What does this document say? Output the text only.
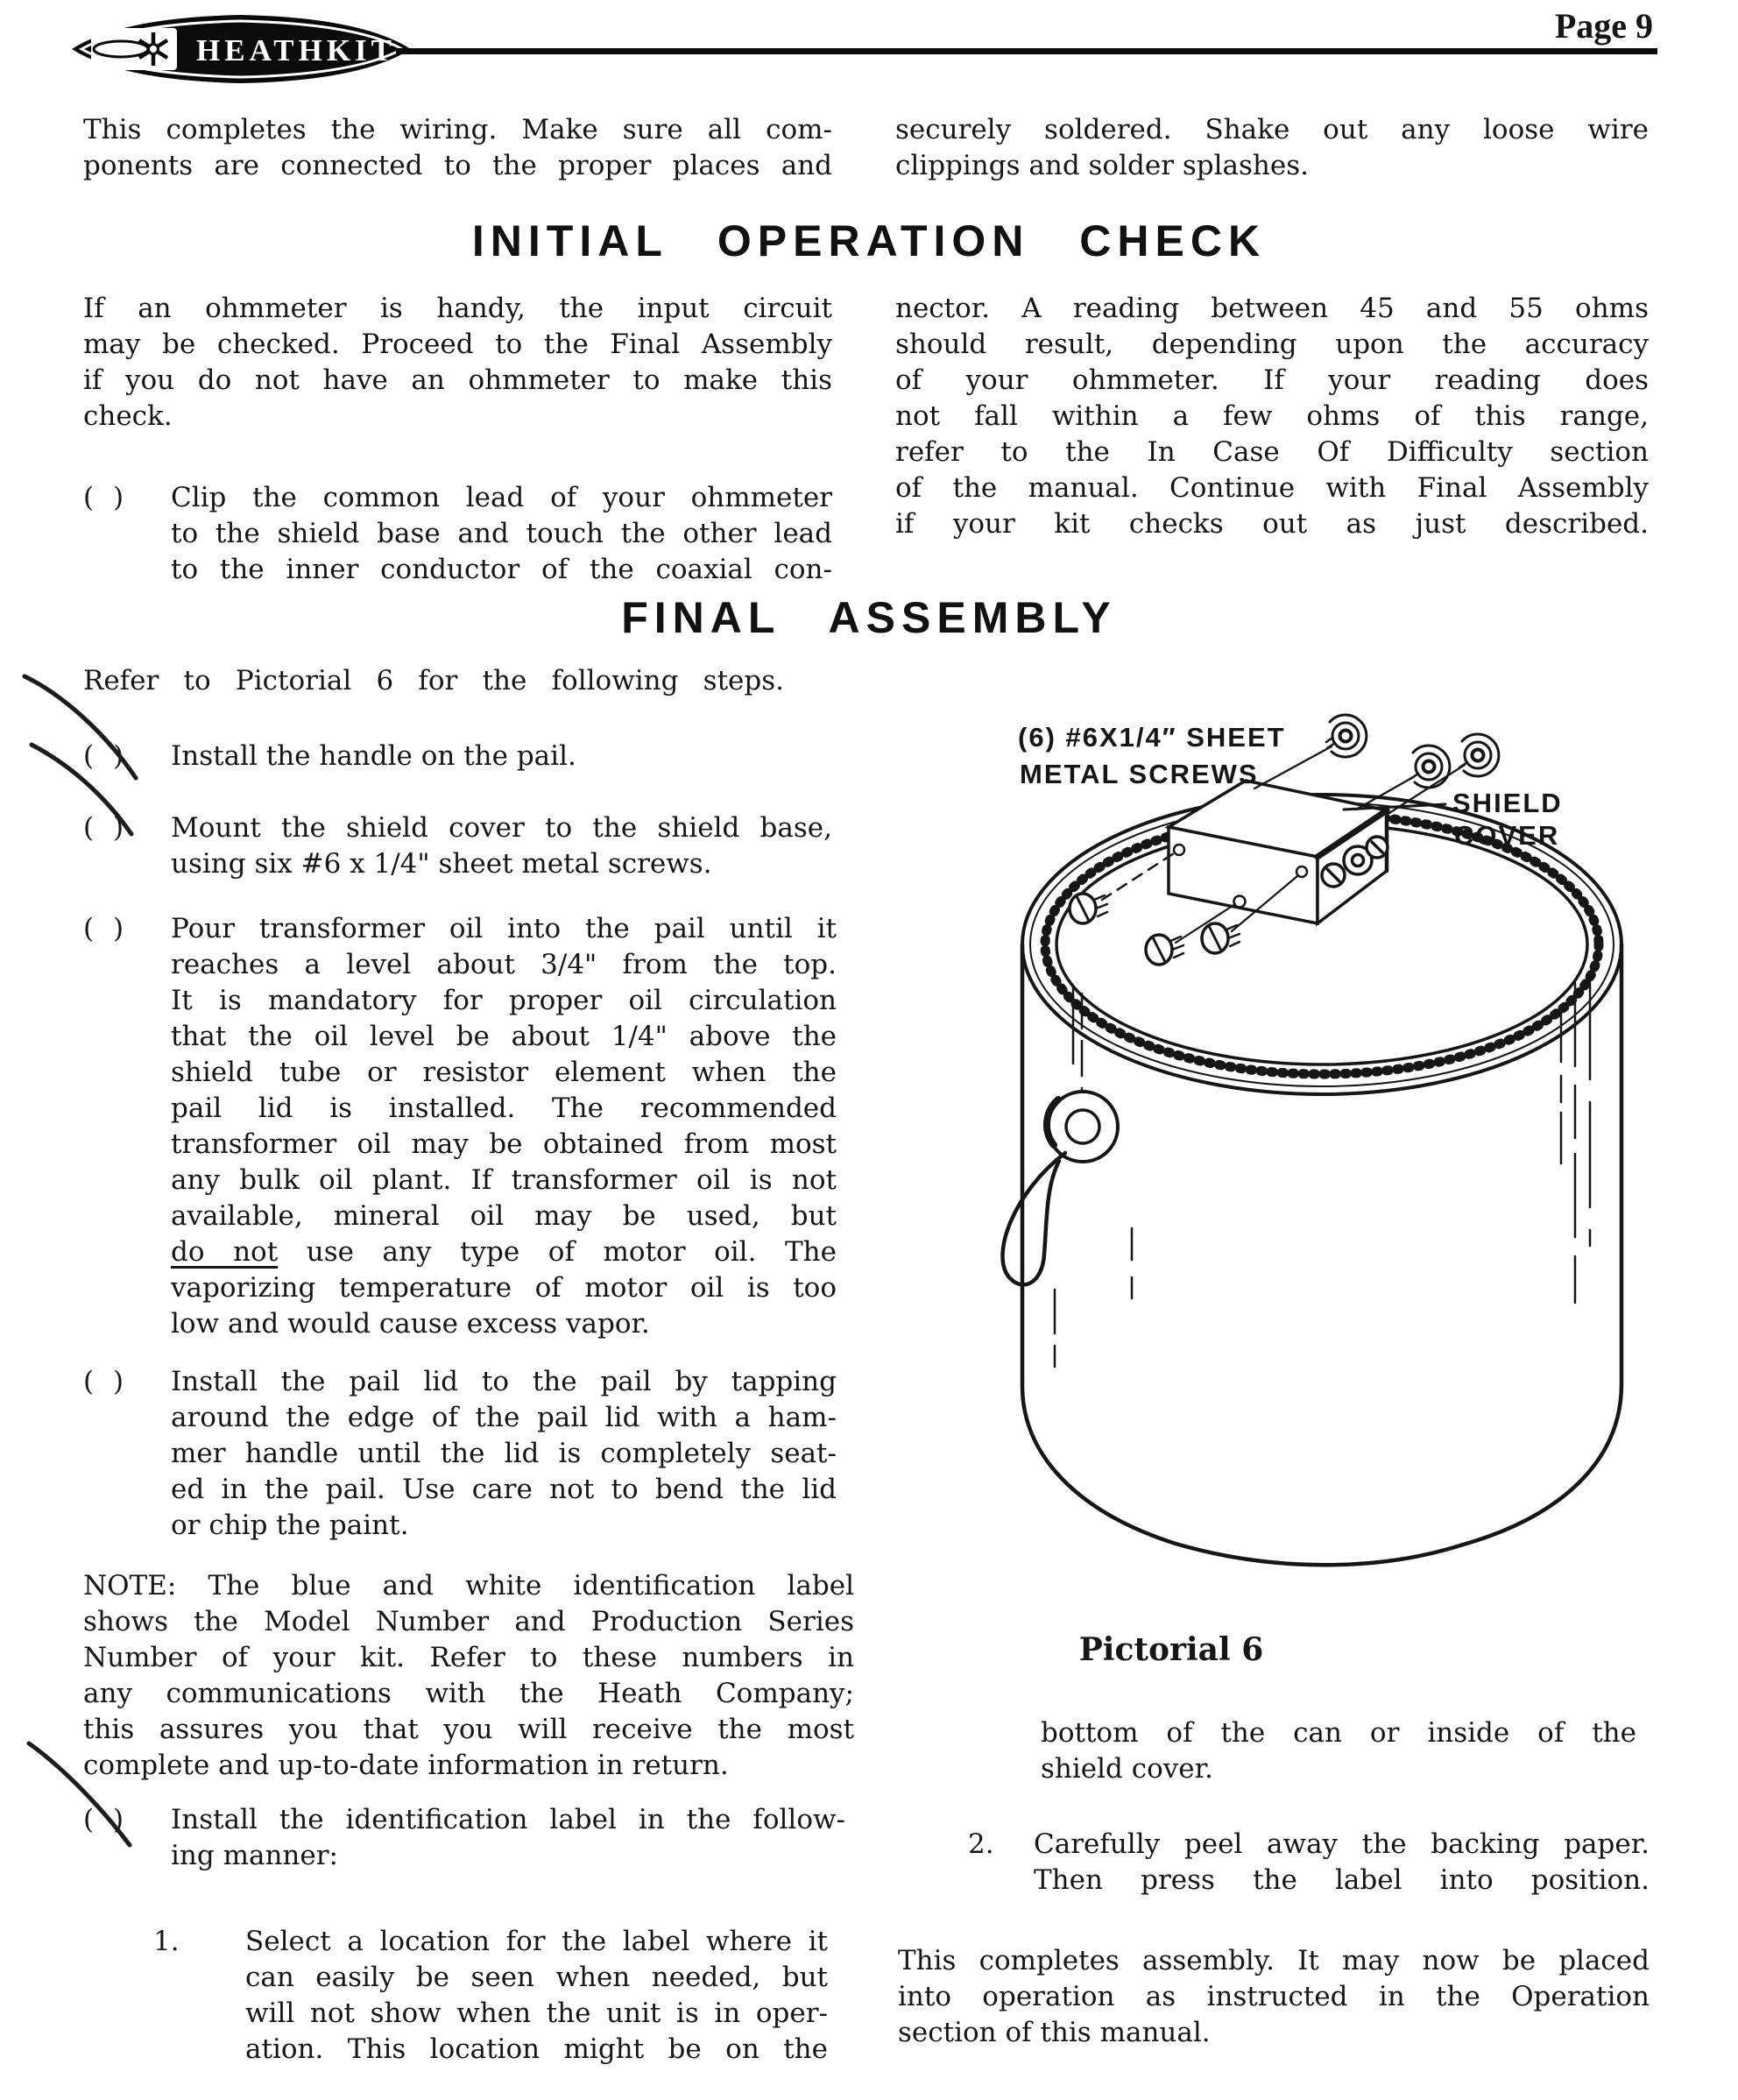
HEATHKIT
Page 9
This completes the wiring. Make sure all com-
ponents are connected to the proper places and
securely soldered. Shake out any loose wire
clippings and solder splashes.
INITIAL OPERATION CHECK
If an ohmmeter is handy, the input circuit
may be checked. Proceed to the Final Assembly
if you do not have an ohmmeter to make this
check.
( )	Clip the common lead of your ohmmeter
to the shield base and touch the other lead
to the inner conductor of the coaxial con-
nector. A reading between 45 and 55 ohms
should result, depending upon the accuracy
of your ohmmeter. If your reading does
not fall within a few ohms of this range,
refer to the In Case Of Difficulty section
of the manual. Continue with Final Assembly
if your kit checks out as just described.
FINAL ASSEMBLY
Refer to Pictorial 6 for the following steps.
( )	Install the handle on the pail.
( )	Mount the shield cover to the shield base,
using six #6 x 1/4" sheet metal screws.
( )	Pour transformer oil into the pail until it
reaches a level about 3/4" from the top.
It is mandatory for proper oil circulation
that the oil level be about 1/4" above the
shield tube or resistor element when the
pail lid is installed. The recommended
transformer oil may be obtained from most
any bulk oil plant. If transformer oil is not
available, mineral oil may be used, but
do not use any type of motor oil. The
vaporizing temperature of motor oil is too
low and would cause excess vapor.
( )	Install the pail lid to the pail by tapping
around the edge of the pail lid with a ham-
mer handle until the lid is completely seat-
ed in the pail. Use care not to bend the lid
or chip the paint.
NOTE: The blue and white identification label
shows the Model Number and Production Series
Number of your kit. Refer to these numbers in
any communications with the Heath Company;
this assures you that you will receive the most
complete and up-to-date information in return.
( )	Install the identification label in the follow-
ing manner:
1.	Select a location for the label where it
can easily be seen when needed, but
will not show when the unit is in oper-
ation. This location might be on the
Pictorial 6
bottom of the can or inside of the
shield cover.
2.	Carefully peel away the backing paper.
Then press the label into position.
This completes assembly. It may now be placed
into operation as instructed in the Operation
section of this manual.
(6) #6X1/4″ SHEET
METAL SCREWS
SHIELD
COVER
